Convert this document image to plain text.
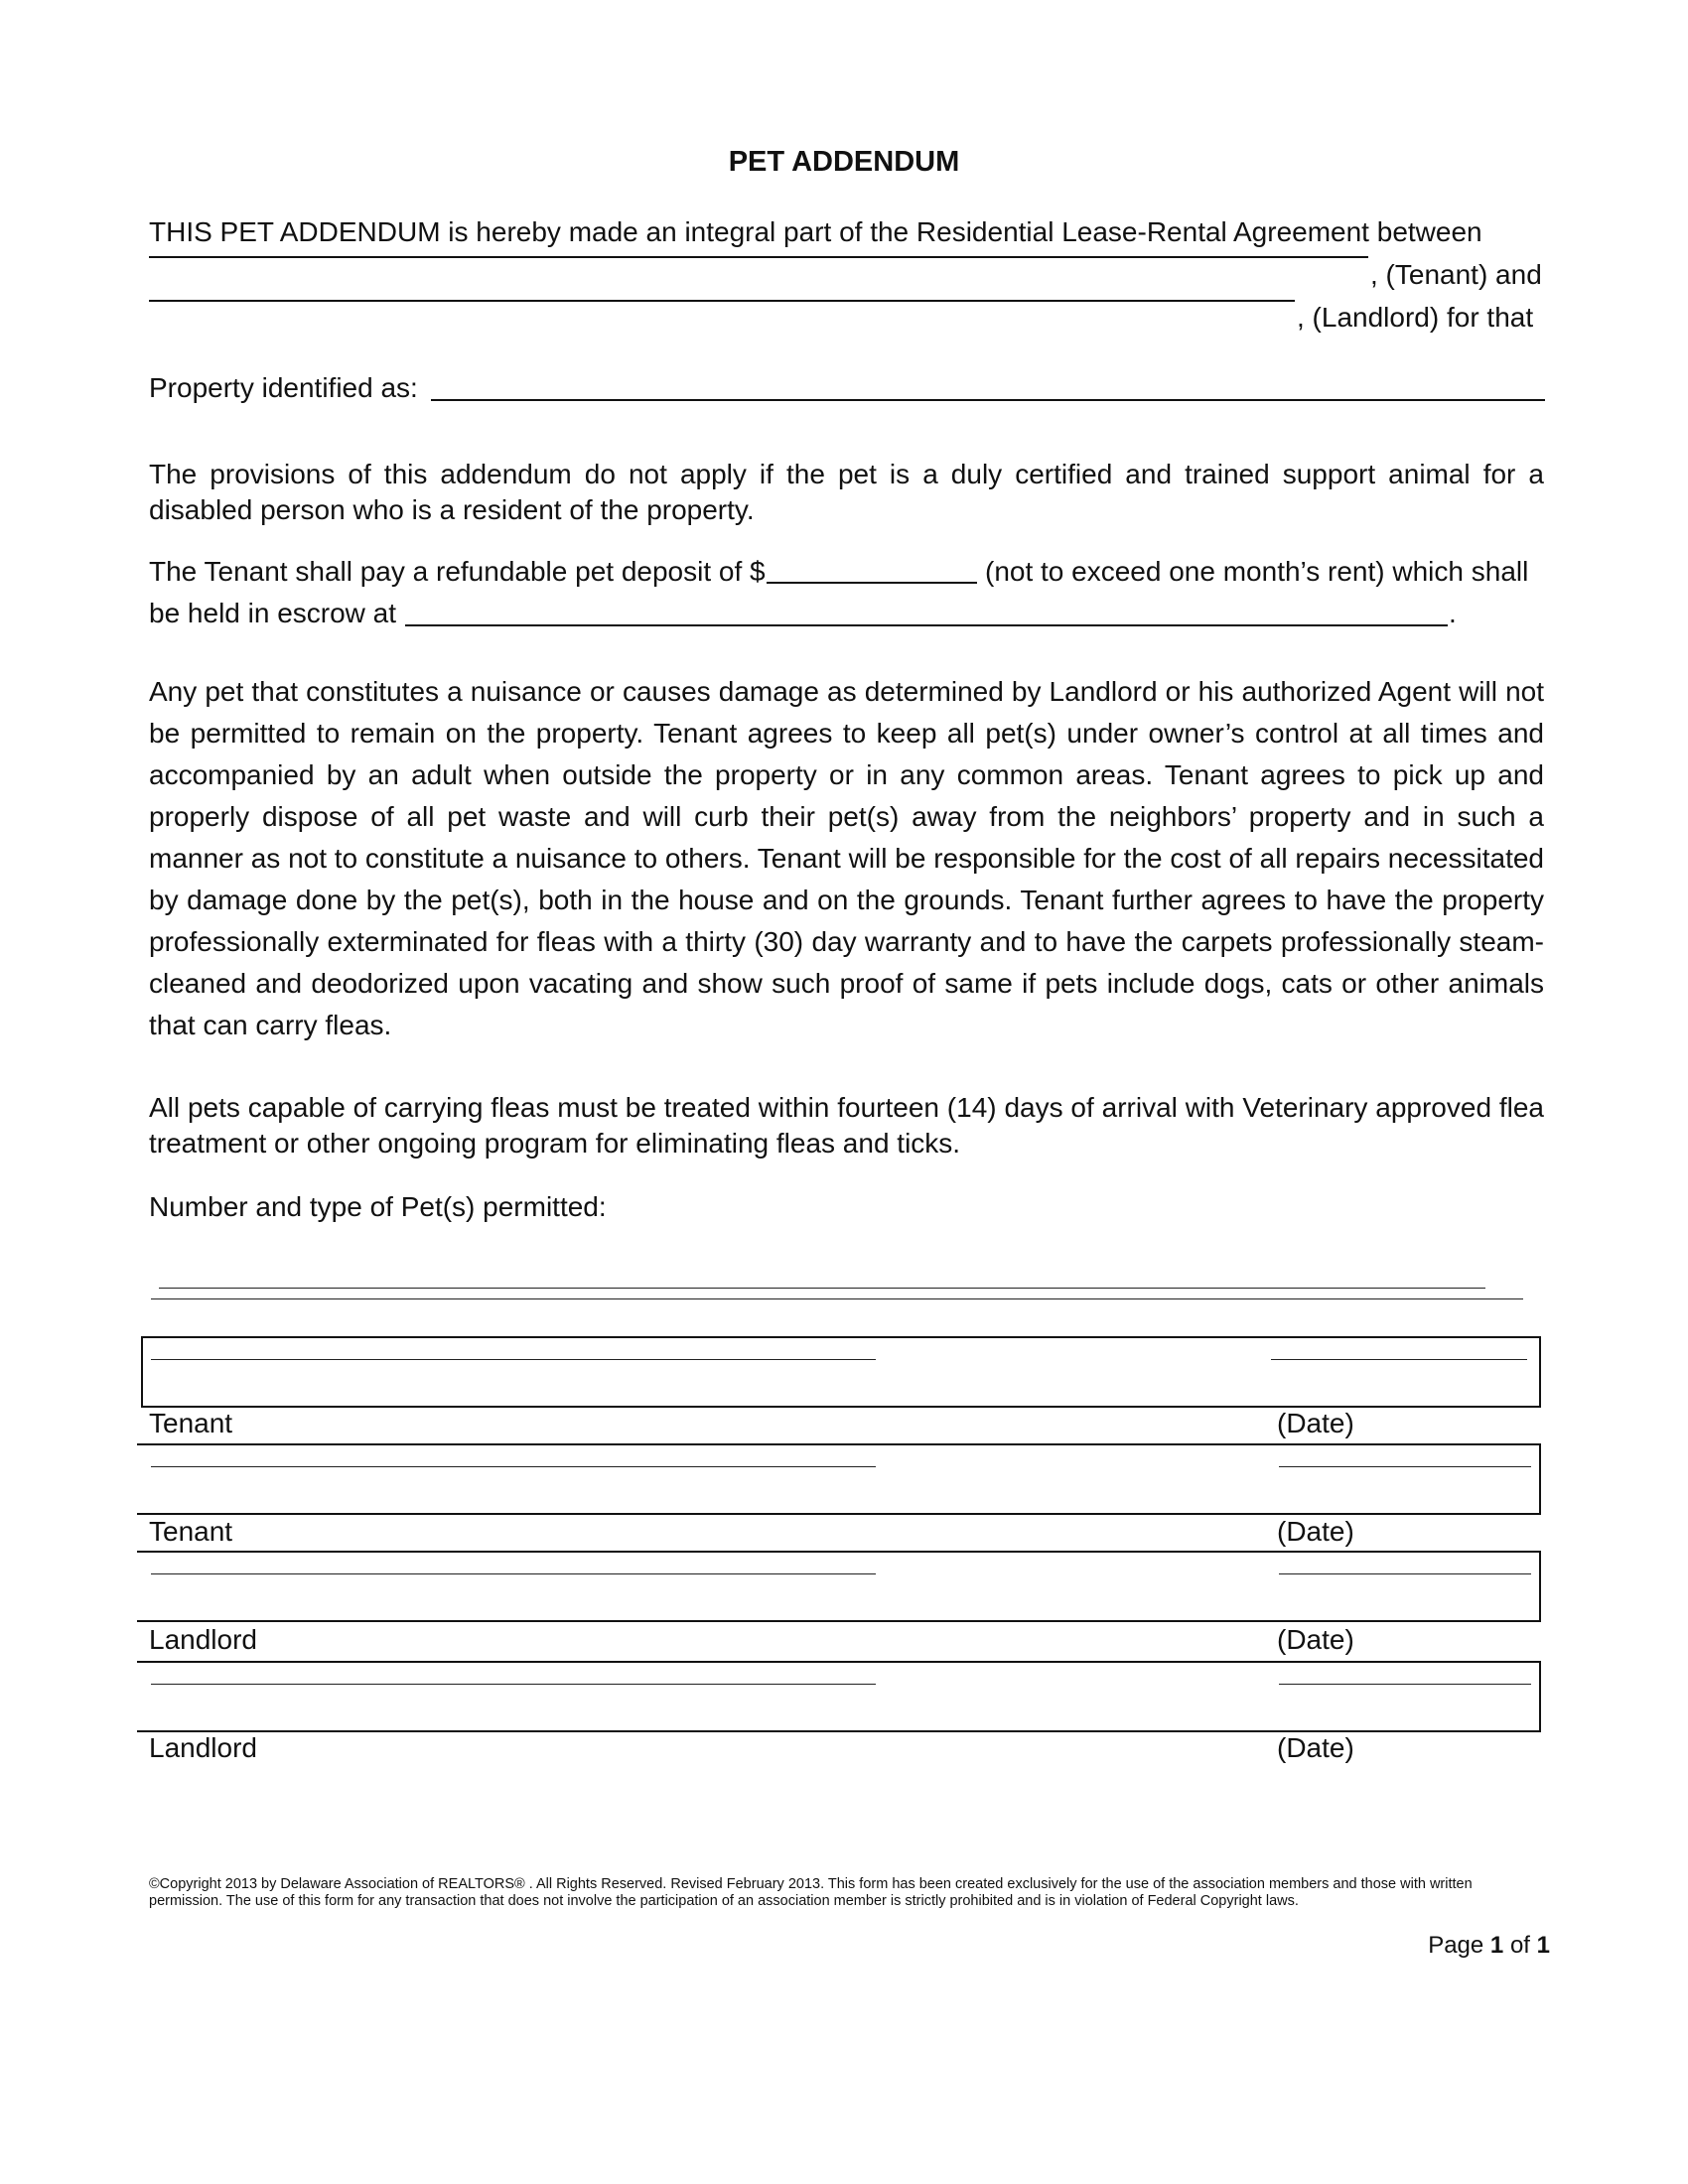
PET ADDENDUM
THIS PET ADDENDUM is hereby made an integral part of the Residential Lease-Rental Agreement between
, (Tenant) and
, (Landlord) for that
Property identified as:
The provisions of this addendum do not apply if the pet is a duly certified and trained support animal for a disabled person who is a resident of the property.
The Tenant shall pay a refundable pet deposit of $	(not to exceed one month’s rent) which shall
be held in escrow at	.
Any pet that constitutes a nuisance or causes damage as determined by Landlord or his authorized Agent will not be permitted to remain on the property. Tenant agrees to keep all pet(s) under owner’s control at all times and accompanied by an adult when outside the property or in any common areas. Tenant agrees to pick up and properly dispose of all pet waste and will curb their pet(s) away from the neighbors’ property and in such a manner as not to constitute a nuisance to others. Tenant will be responsible for the cost of all repairs necessitated by damage done by the pet(s), both in the house and on the grounds. Tenant further agrees to have the property professionally exterminated for fleas with a thirty (30) day warranty and to have the carpets professionally steam-cleaned and deodorized upon vacating and show such proof of same if pets include dogs, cats or other animals that can carry fleas.
All pets capable of carrying fleas must be treated within fourteen (14) days of arrival with Veterinary approved flea treatment or other ongoing program for eliminating fleas and ticks.
Number and type of Pet(s) permitted:
Tenant	(Date)
Tenant	(Date)
Landlord	(Date)
Landlord	(Date)
©Copyright 2013 by Delaware Association of REALTORS® . All Rights Reserved. Revised February 2013. This form has been created exclusively for the use of the association members and those with written permission. The use of this form for any transaction that does not involve the participation of an association member is strictly prohibited and is in violation of Federal Copyright laws.
Page 1 of 1
